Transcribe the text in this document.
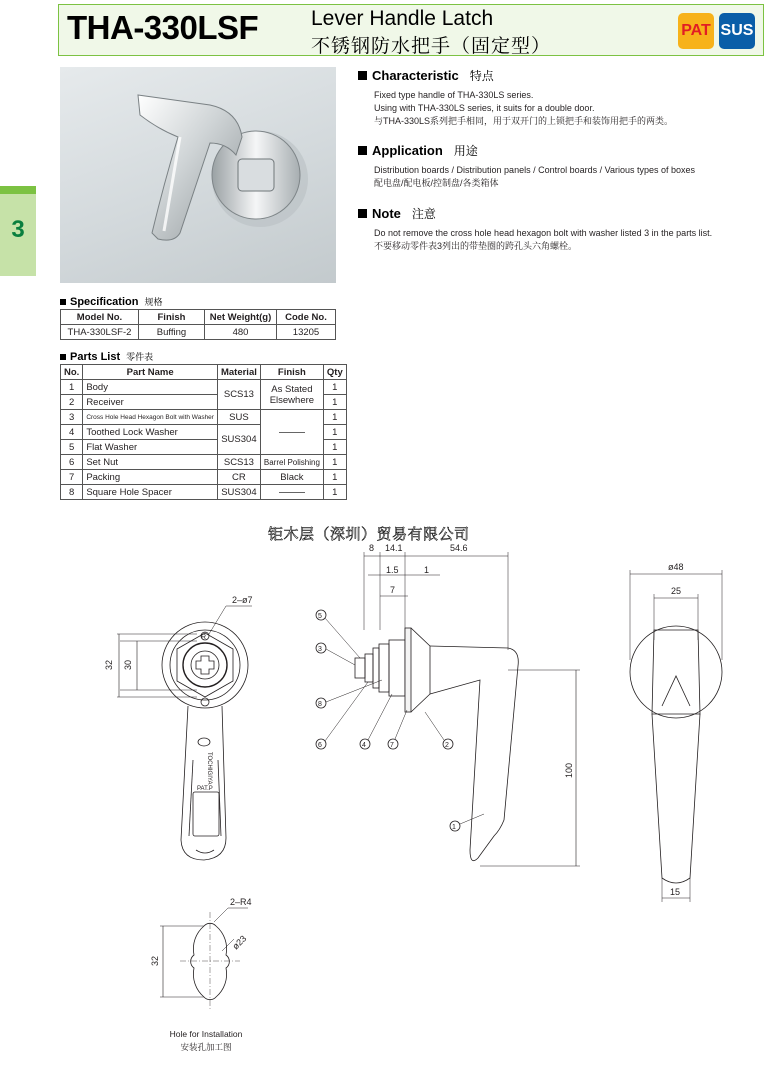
THA-330LSF	Lever Handle Latch
不锈钢防水把手（固定型）
PAT SUS
3
Characteristic 特点
Fixed type handle of THA-330LS series.
Using with THA-330LS series, it suits for a double door.
与THA-330LS系列把手相同，用于双开门的上锁把手和装饰用把手的两类。
Application 用途
Distribution boards / Distribution panels / Control boards / Various types of boxes
配电盘/配电板/控制盘/各类箱体
Note 注意
Do not remove the cross hole head hexagon bolt with washer listed 3 in the parts list.
不要移动零件表3列出的带垫圈的跨孔头六角螺栓。
Specification 规格
Model No.	Finish	Net Weight(g)	Code No.
THA-330LSF-2	Buffing	480	13205
Parts List 零件表
No.	Part Name	Material	Finish	Qty
1	Body	SCS13	As Stated Elsewhere	1
2	Receiver			1
3	Cross Hole Head Hexagon Bolt with Washer	SUS		1
4	Toothed Lock Washer	SUS304		1
5	Flat Washer			1
6	Set Nut	SCS13	Barrel Polishing	1
7	Packing	CR	Black	1
8	Square Hole Spacer	SUS304		1
钜木层（深圳）贸易有限公司
R
TOCHIGIYA
PAT.P
32 30
2–ø7
8 14.1	54.6
1.5	1
7
100
5
3
8
6	4	7	2
1
ø48
25
15
32
2–R4
ø23
Hole for Installation
安装孔加工图
